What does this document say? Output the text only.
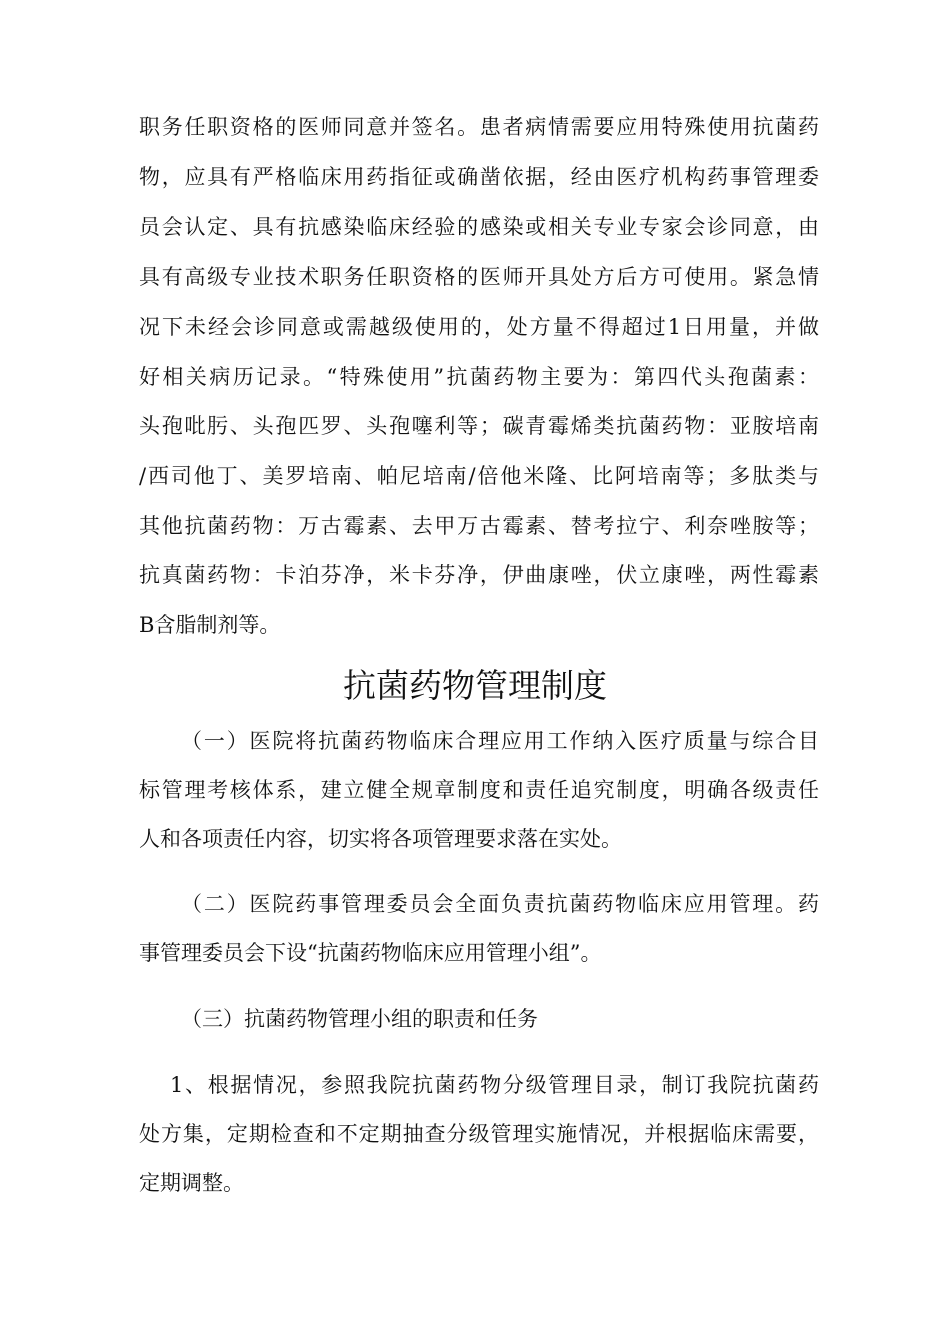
职务任职资格的医师同意并签名。患者病情需要应用特殊使用抗菌药
物，应具有严格临床用药指征或确凿依据，经由医疗机构药事管理委
员会认定、具有抗感染临床经验的感染或相关专业专家会诊同意，由
具有高级专业技术职务任职资格的医师开具处方后方可使用。紧急情
况下未经会诊同意或需越级使用的，处方量不得超过1日用量，并做
好相关病历记录。“特殊使用”抗菌药物主要为：第四代头孢菌素：
头孢吡肟、头孢匹罗、头孢噻利等；碳青霉烯类抗菌药物：亚胺培南
/西司他丁、美罗培南、帕尼培南/倍他米隆、比阿培南等；多肽类与
其他抗菌药物：万古霉素、去甲万古霉素、替考拉宁、利奈唑胺等；
抗真菌药物：卡泊芬净，米卡芬净，伊曲康唑，伏立康唑，两性霉素
B含脂制剂等。
抗菌药物管理制度
（一）医院将抗菌药物临床合理应用工作纳入医疗质量与综合目
标管理考核体系，建立健全规章制度和责任追究制度，明确各级责任
人和各项责任内容，切实将各项管理要求落在实处。
（二）医院药事管理委员会全面负责抗菌药物临床应用管理。药
事管理委员会下设“抗菌药物临床应用管理小组”。
（三）抗菌药物管理小组的职责和任务
1、根据情况，参照我院抗菌药物分级管理目录，制订我院抗菌药
处方集，定期检查和不定期抽查分级管理实施情况，并根据临床需要，
定期调整。
